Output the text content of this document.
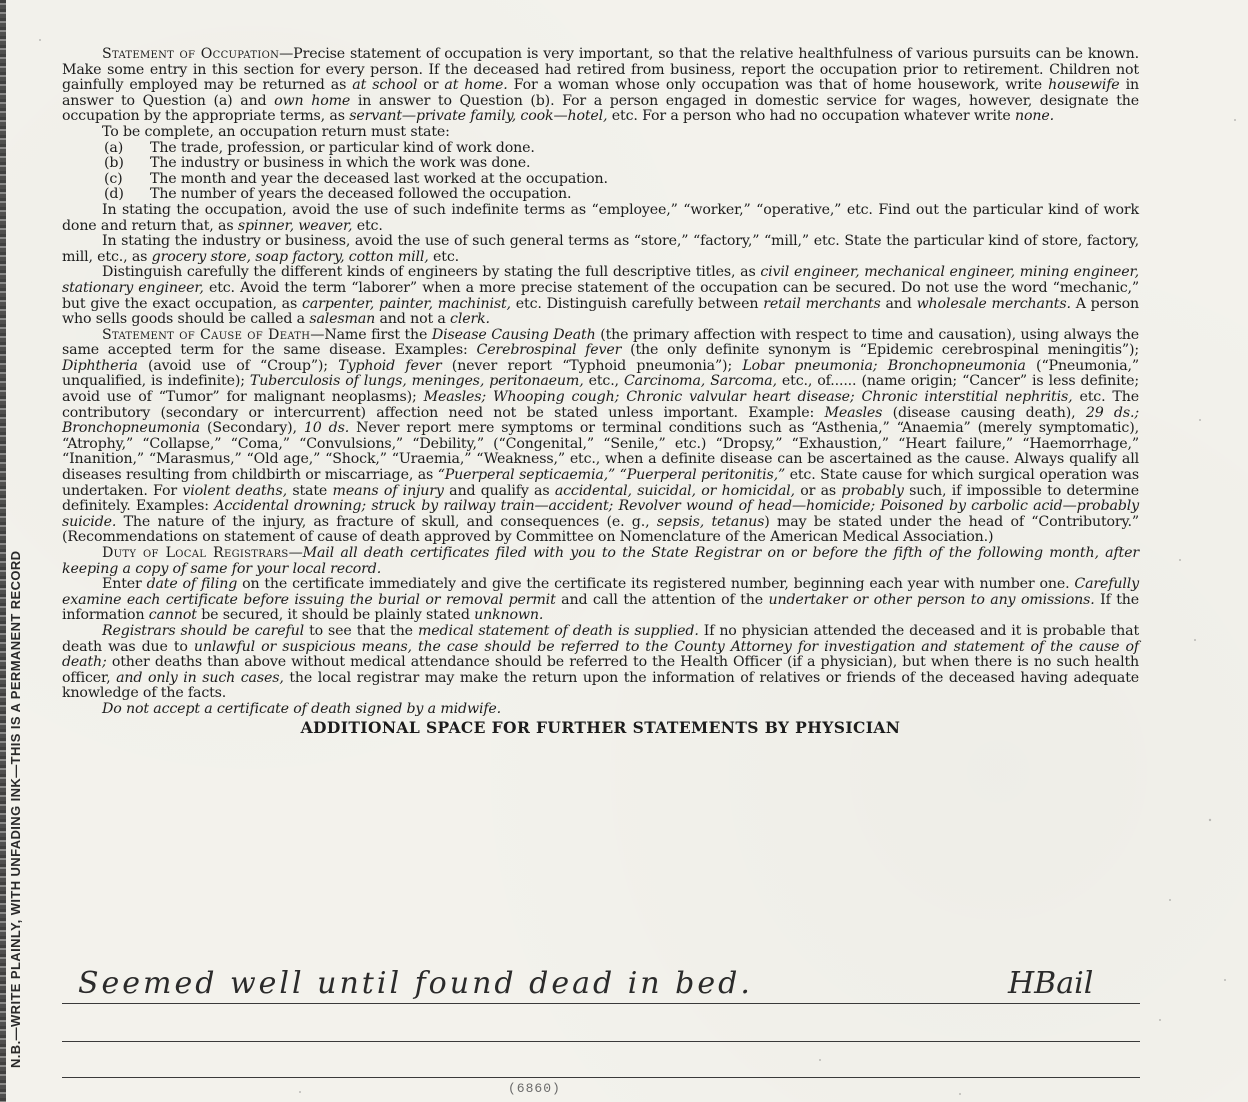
N.B.—WRITE PLAINLY, WITH UNFADING INK—THIS IS A PERMANENT RECORD

Statement of Occupation—Precise statement of occupation is very important, so that the relative healthfulness of various pursuits can be known. Make some entry in this section for every person. If the deceased had retired from business, report the occupation prior to retirement. Children not gainfully employed may be returned as at school or at home. For a woman whose only occupation was that of home housework, write housewife in answer to Question (a) and own home in answer to Question (b). For a person engaged in domestic service for wages, however, designate the occupation by the appropriate terms, as servant—private family, cook—hotel, etc. For a person who had no occupation whatever write none.

To be complete, an occupation return must state:

(a) The trade, profession, or particular kind of work done.
(b) The industry or business in which the work was done.
(c) The month and year the deceased last worked at the occupation.
(d) The number of years the deceased followed the occupation.

In stating the occupation, avoid the use of such indefinite terms as “employee,” “worker,” “operative,” etc. Find out the particular kind of work done and return that, as spinner, weaver, etc.

In stating the industry or business, avoid the use of such general terms as “store,” “factory,” “mill,” etc. State the particular kind of store, factory, mill, etc., as grocery store, soap factory, cotton mill, etc.

Distinguish carefully the different kinds of engineers by stating the full descriptive titles, as civil engineer, mechanical engineer, mining engineer, stationary engineer, etc. Avoid the term “laborer” when a more precise statement of the occupation can be secured. Do not use the word “mechanic,” but give the exact occupation, as carpenter, painter, machinist, etc. Distinguish carefully between retail merchants and wholesale merchants. A person who sells goods should be called a salesman and not a clerk.

Statement of Cause of Death—Name first the Disease Causing Death (the primary affection with respect to time and causation), using always the same accepted term for the same disease. Examples: Cerebrospinal fever (the only definite synonym is “Epidemic cerebrospinal meningitis”); Diphtheria (avoid use of “Croup”); Typhoid fever (never report “Typhoid pneumonia”); Lobar pneumonia; Bronchopneumonia (“Pneumonia,” unqualified, is indefinite); Tuberculosis of lungs, meninges, peritonaeum, etc., Carcinoma, Sarcoma, etc., of...... (name origin; “Cancer” is less definite; avoid use of “Tumor” for malignant neoplasms); Measles; Whooping cough; Chronic valvular heart disease; Chronic interstitial nephritis, etc. The contributory (secondary or intercurrent) affection need not be stated unless important. Example: Measles (disease causing death), 29 ds.; Bronchopneumonia (Secondary), 10 ds. Never report mere symptoms or terminal conditions such as “Asthenia,” “Anaemia” (merely symptomatic), “Atrophy,” “Collapse,” “Coma,” “Convulsions,” “Debility,” (“Congenital,” “Senile,” etc.) “Dropsy,” “Exhaustion,” “Heart failure,” “Haemorrhage,” “Inanition,” “Marasmus,” “Old age,” “Shock,” “Uraemia,” “Weakness,” etc., when a definite disease can be ascertained as the cause. Always qualify all diseases resulting from childbirth or miscarriage, as “Puerperal septicaemia,” “Puerperal peritonitis,” etc. State cause for which surgical operation was undertaken. For violent deaths, state means of injury and qualify as accidental, suicidal, or homicidal, or as probably such, if impossible to determine definitely. Examples: Accidental drowning; struck by railway train—accident; Revolver wound of head—homicide; Poisoned by carbolic acid—probably suicide. The nature of the injury, as fracture of skull, and consequences (e. g., sepsis, tetanus) may be stated under the head of “Contributory.” (Recommendations on statement of cause of death approved by Committee on Nomenclature of the American Medical Association.)

Duty of Local Registrars—Mail all death certificates filed with you to the State Registrar on or before the fifth of the following month, after keeping a copy of same for your local record.

Enter date of filing on the certificate immediately and give the certificate its registered number, beginning each year with number one. Carefully examine each certificate before issuing the burial or removal permit and call the attention of the undertaker or other person to any omissions. If the information cannot be secured, it should be plainly stated unknown.

Registrars should be careful to see that the medical statement of death is supplied. If no physician attended the deceased and it is probable that death was due to unlawful or suspicious means, the case should be referred to the County Attorney for investigation and statement of the cause of death; other deaths than above without medical attendance should be referred to the Health Officer (if a physician), but when there is no such health officer, and only in such cases, the local registrar may make the return upon the information of relatives or friends of the deceased having adequate knowledge of the facts.

Do not accept a certificate of death signed by a midwife.

ADDITIONAL SPACE FOR FURTHER STATEMENTS BY PHYSICIAN

Seemed well until found dead in bed.	HBail
(6860)
